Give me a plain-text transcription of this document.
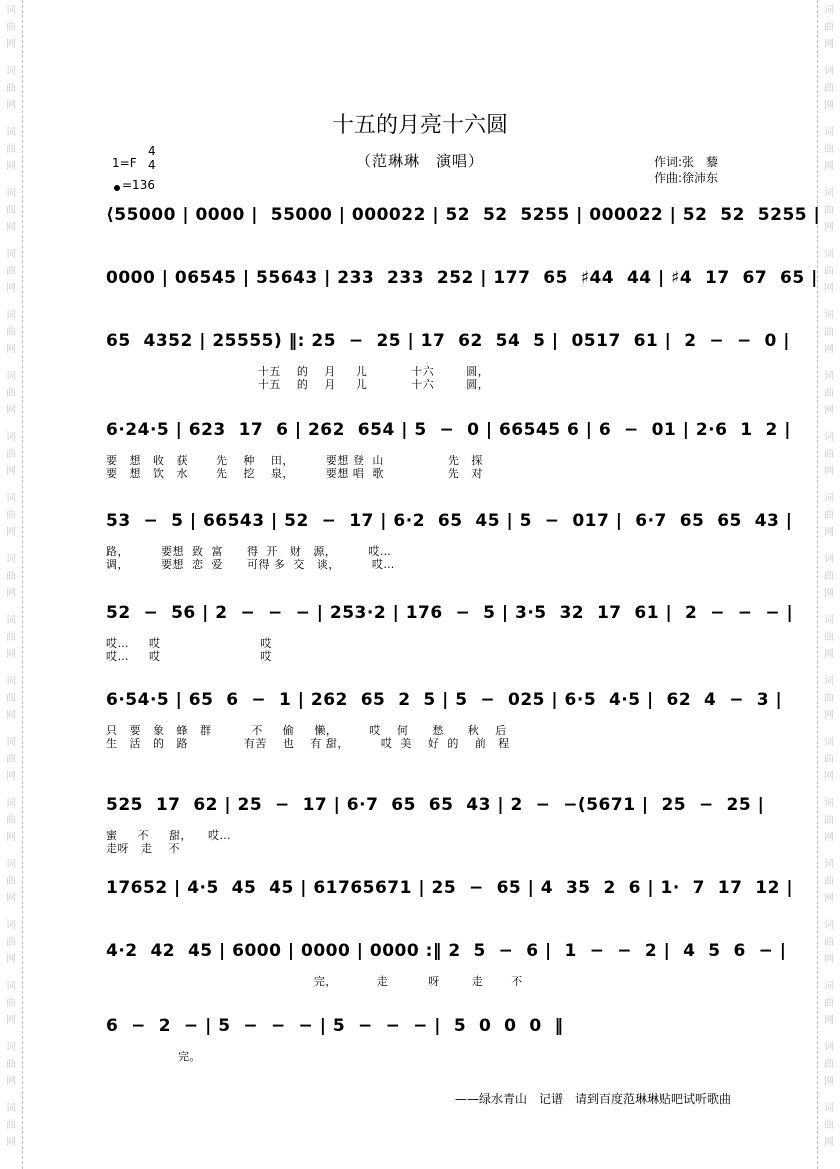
词
曲
网
词
曲
网
词
曲
网
词
曲
网
词
曲
网
词
曲
网
词
曲
网
词
曲
网
词
曲
网
词
曲
网
词
曲
网
词
曲
网
词
曲
网
词
曲
网
词
曲
网
词
曲
网
词
曲
网
词
曲
网
词
曲
网
词
曲
网
词
曲
网
词
曲
网
词
曲
网
词
曲
网
词
曲
网
词
曲
网
词
曲
网
词
曲
网
词
曲
网
词
曲
网
词
曲
网
词
曲
网
词
曲
网
词
曲
网
词
曲
网
词
曲
网
词
曲
网
词
曲
网
十五的月亮十六圆
（范琳琳　演唱）
1=F
4
4
=136
作词:张　藜
作曲:徐沛东
⟨55000 | 0000 |  55000 | 000022 | 52  52  5255 | 000022 | 52  52  5255 |
0000 | 06545 | 55643 | 233  233  252 | 177  65  ♯44  44 | ♯4  17  67  65 |
65  4352 | 25555) ‖: 25  −  25 | 17  62  54  5 |  0517  61 |  2  −  −  0 |
十五    的    月     儿           十六        圆，
十五    的    月     儿           十六        圆，
6·24·5 | 623  17  6 | 262  654 | 5  −  0 | 66545 6 | 6  −  01 | 2·6  1  2 |
要   想   收   获       先    种    田，        要想 登  山                先   探
要   想   饮   水       先    挖    泉，        要想 唱  歌                先   对
53  −  5 | 66543 | 52  −  17 | 6·2  65  45 | 5  −  017 |  6·7  65  65  43 |
路，        要想  致  富      得  开   财   源，        哎…
调，        要想  恋  爱      可得 多  交   谈，        哎…
52  −  56 | 2  −  −  − | 253·2 | 176  −  5 | 3·5  32  17  61 |  2  −  −  − |
哎…     哎                         哎
哎…     哎                         哎
6·54·5 | 65  6  −  1 | 262  65  2  5 | 5  −  025 | 6·5  4·5 |  62  4  −  3 |
只   要   象   蜂   群          不     偷     懒，        哎    何      愁      秋    后
生   活   的   路              有苦    也    有 甜，        哎  美    好  的    前   程
525  17  62 | 25  −  17 | 6·7  65  65  43 | 2  −  −(5671 |  25  −  25 |
蜜     不     甜，    哎…
走呀   走    不
17652 | 4·5  45  45 | 61765671 | 25  −  65 | 4  35  2  6 | 1·  7  17  12 |
4·2  42  45 | 6000 | 0000 | 0000 :‖ 2  5  −  6 |  1  −  −  2 |  4  5  6  − |
完，          走          呀        走       不
6  −  2  − | 5  −  −  − | 5  −  −  − |  5  0  0  0  ‖
完。
——绿水青山　记谱　请到百度范琳琳贴吧试听歌曲
